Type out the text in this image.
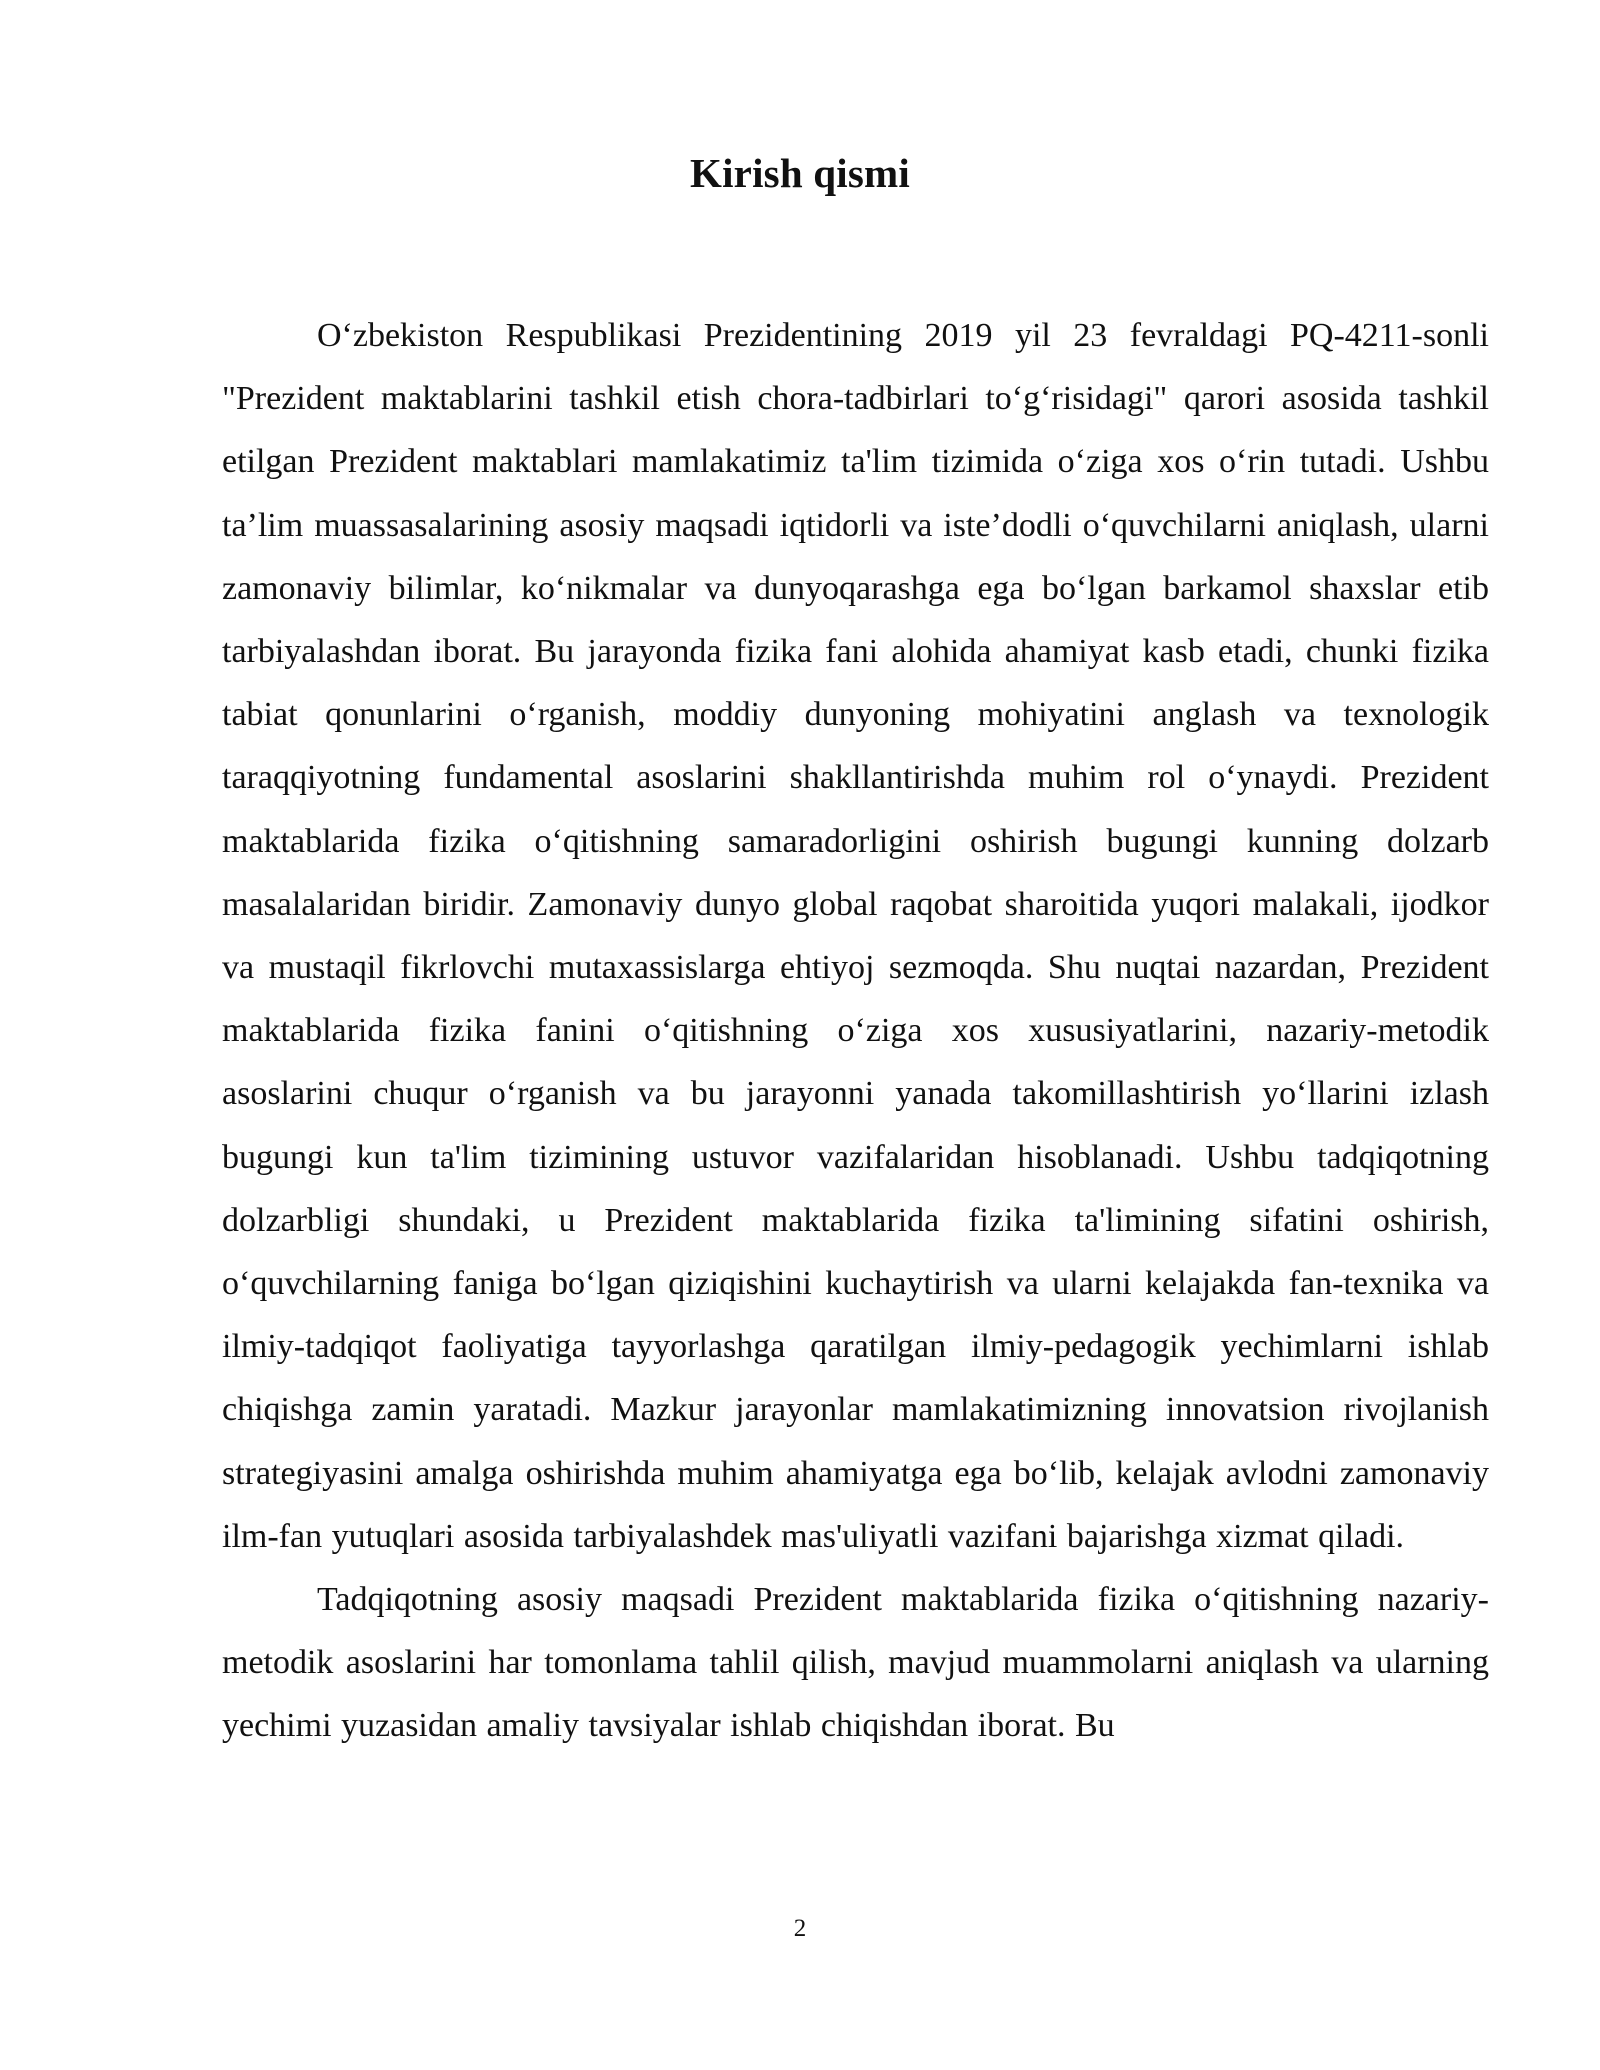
Kirish qismi

O‘zbekiston Respublikasi Prezidentining 2019 yil 23 fevraldagi PQ-4211-sonli "Prezident maktablarini tashkil etish chora-tadbirlari to‘g‘risidagi" qarori asosida tashkil etilgan Prezident maktablari mamlakatimiz ta'lim tizimida o‘ziga xos o‘rin tutadi. Ushbu ta’lim muassasalarining asosiy maqsadi iqtidorli va iste’dodli o‘quvchilarni aniqlash, ularni zamonaviy bilimlar, ko‘nikmalar va dunyoqarashga ega bo‘lgan barkamol shaxslar etib tarbiyalashdan iborat. Bu jarayonda fizika fani alohida ahamiyat kasb etadi, chunki fizika tabiat qonunlarini o‘rganish, moddiy dunyoning mohiyatini anglash va texnologik taraqqiyotning fundamental asoslarini shakllantirishda muhim rol o‘ynaydi. Prezident maktablarida fizika o‘qitishning samaradorligini oshirish bugungi kunning dolzarb masalalaridan biridir. Zamonaviy dunyo global raqobat sharoitida yuqori malakali, ijodkor va mustaqil fikrlovchi mutaxassislarga ehtiyoj sezmoqda. Shu nuqtai nazardan, Prezident maktablarida fizika fanini o‘qitishning o‘ziga xos xususiyatlarini, nazariy-metodik asoslarini chuqur o‘rganish va bu jarayonni yanada takomillashtirish yo‘llarini izlash bugungi kun ta'lim tizimining ustuvor vazifalaridan hisoblanadi. Ushbu tadqiqotning dolzarbligi shundaki, u Prezident maktablarida fizika ta'limining sifatini oshirish, o‘quvchilarning faniga bo‘lgan qiziqishini kuchaytirish va ularni kelajakda fan-texnika va ilmiy-tadqiqot faoliyatiga tayyorlashga qaratilgan ilmiy-pedagogik yechimlarni ishlab chiqishga zamin yaratadi. Mazkur jarayonlar mamlakatimizning innovatsion rivojlanish strategiyasini amalga oshirishda muhim ahamiyatga ega bo‘lib, kelajak avlodni zamonaviy ilm-fan yutuqlari asosida tarbiyalashdek mas'uliyatli vazifani bajarishga xizmat qiladi.

Tadqiqotning asosiy maqsadi Prezident maktablarida fizika o‘qitishning nazariy-metodik asoslarini har tomonlama tahlil qilish, mavjud muammolarni aniqlash va ularning yechimi yuzasidan amaliy tavsiyalar ishlab chiqishdan iborat. Bu

2
